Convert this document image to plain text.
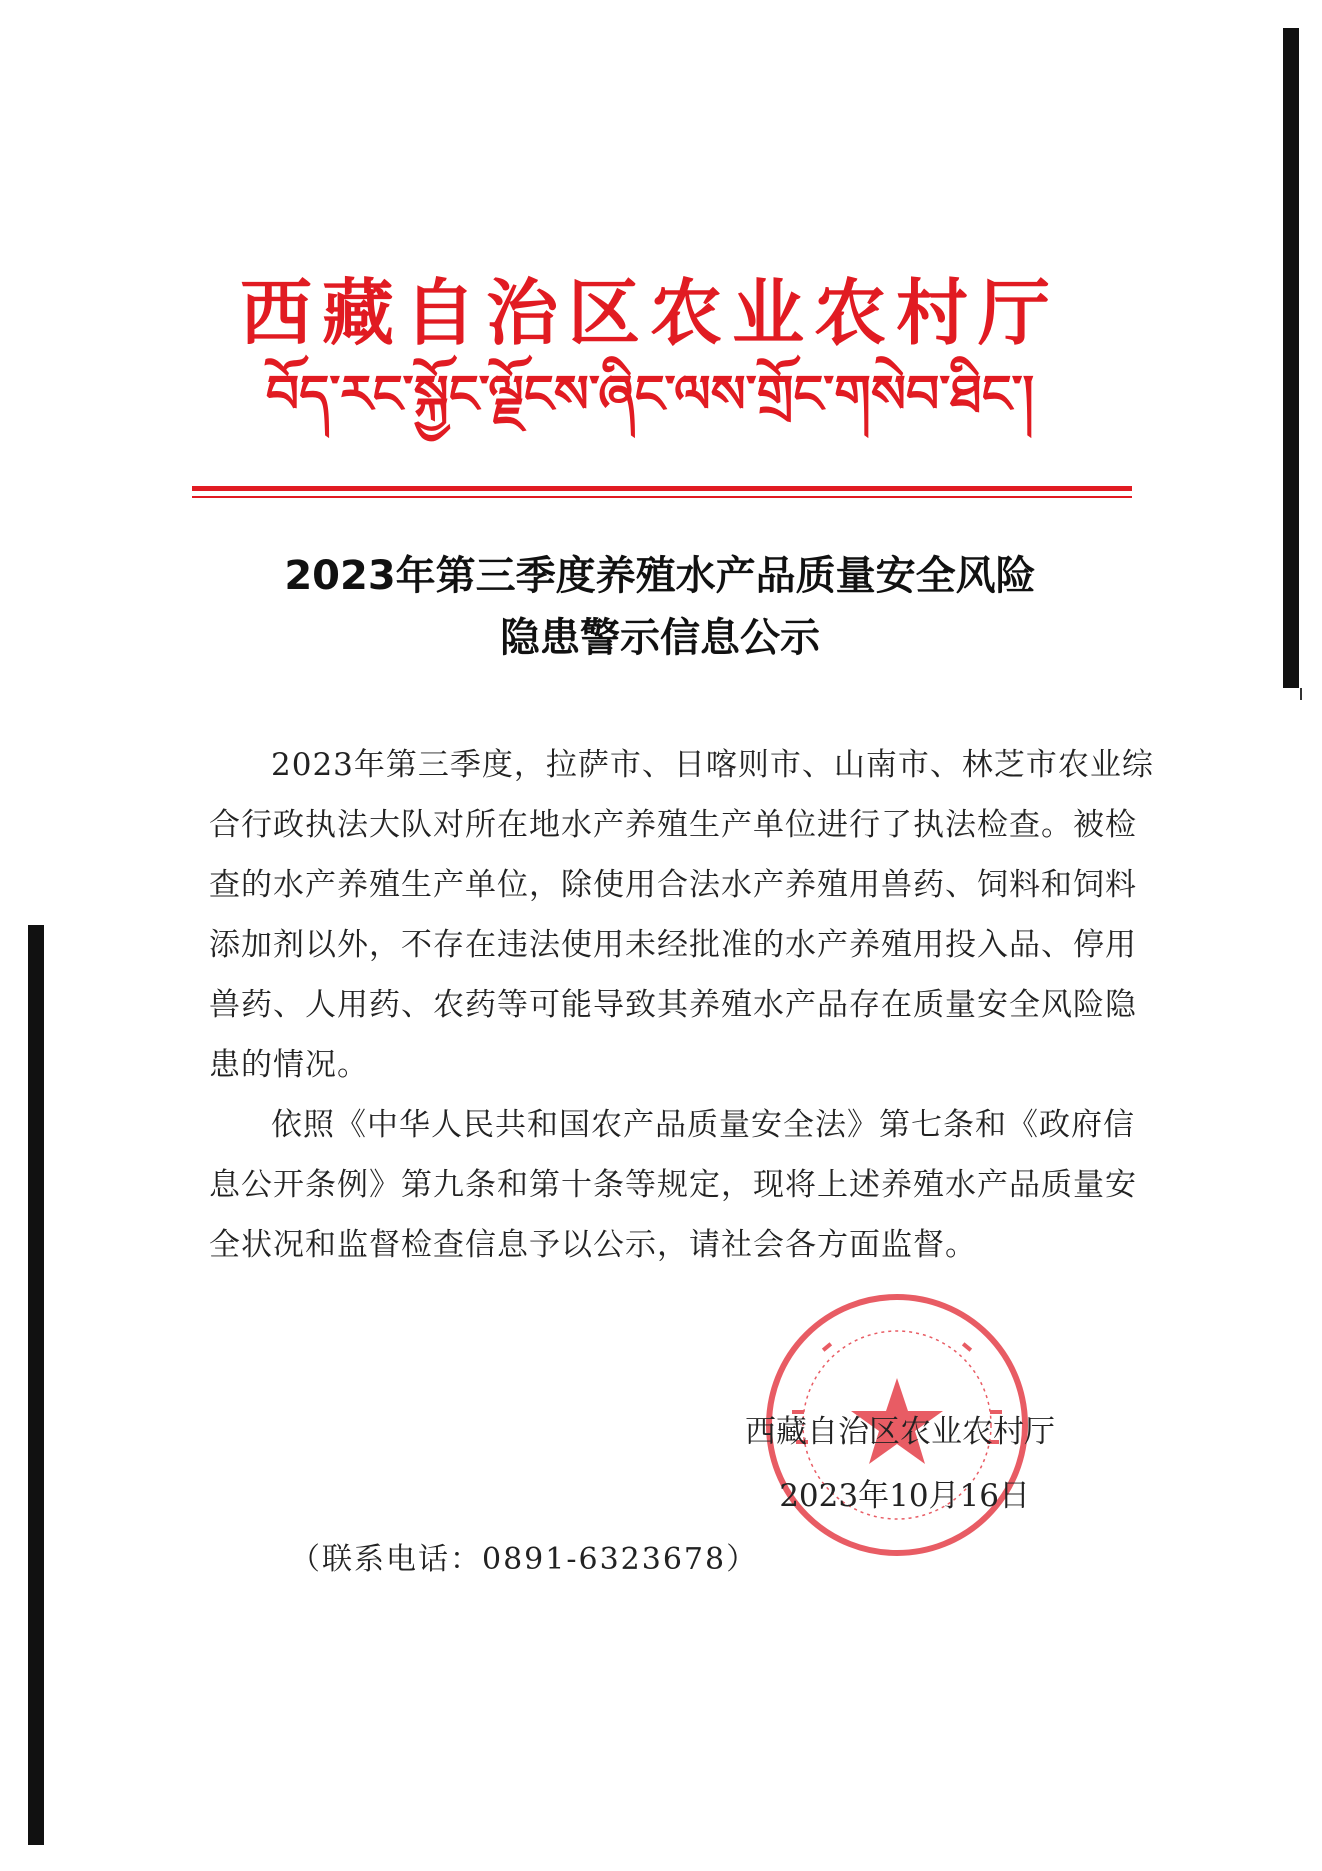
西藏自治区农业农村厅
བོད་རང་སྐྱོང་ལྗོངས་ཞིང་ལས་གྲོང་གསེབ་ཐིང་།
2023年第三季度养殖水产品质量安全风险
隐患警示信息公示

2023年第三季度，拉萨市、日喀则市、山南市、林芝市农业综合行政执法大队对所在地水产养殖生产单位进行了执法检查。被检查的水产养殖生产单位，除使用合法水产养殖用兽药、饲料和饲料添加剂以外，不存在违法使用未经批准的水产养殖用投入品、停用兽药、人用药、农药等可能导致其养殖水产品存在质量安全风险隐患的情况。

依照《中华人民共和国农产品质量安全法》第七条和《政府信息公开条例》第九条和第十条等规定，现将上述养殖水产品质量安全状况和监督检查信息予以公示，请社会各方面监督。

西藏自治区农业农村厅
2023年10月16日
（联系电话：0891-6323678）
